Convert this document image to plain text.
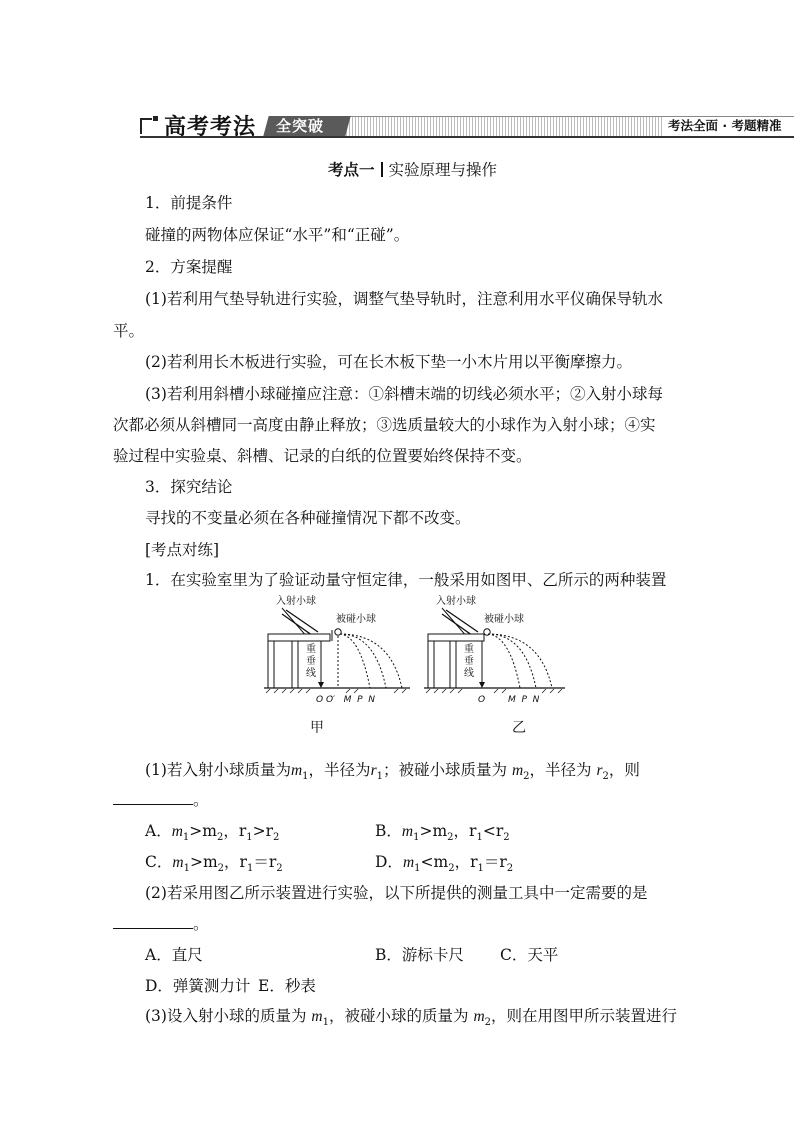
高考考法 全突破	考法全面 · 考题精准
考点一 实验原理与操作
1．前提条件
碰撞的两物体应保证“水平”和“正碰”。
2．方案提醒
(1)若利用气垫导轨进行实验，调整气垫导轨时，注意利用水平仪确保导轨水
平。
(2)若利用长木板进行实验，可在长木板下垫一小木片用以平衡摩擦力。
(3)若利用斜槽小球碰撞应注意：①斜槽末端的切线必须水平；②入射小球每
次都必须从斜槽同一高度由静止释放；③选质量较大的小球作为入射小球；④实
验过程中实验桌、斜槽、记录的白纸的位置要始终保持不变。
3．探究结论
寻找的不变量必须在各种碰撞情况下都不改变。
[考点对练]
1．在实验室里为了验证动量守恒定律，一般采用如图甲、乙所示的两种装置
入射小球
被碰小球
重
垂
线
O O′   M  P  N
甲
入射小球
被碰小球
重
垂
线
O        M  P  N
乙
(1)若入射小球质量为$m_1$，半径为$r_1$；被碰小球质量为 $m_2$，半径为 $r_2$，则
。
A．$m_1>m_2$，$r_1>r_2$	B．$m_1>m_2$，$r_1<r_2$
C．$m_1>m_2$，$r_1=r_2$	D．$m_1<m_2$，$r_1=r_2$
(2)若采用图乙所示装置进行实验，以下所提供的测量工具中一定需要的是
。
A．直尺	B．游标卡尺 C．天平
D．弹簧测力计 E．秒表
(3)设入射小球的质量为 $m_1$，被碰小球的质量为 $m_2$，则在用图甲所示装置进行
